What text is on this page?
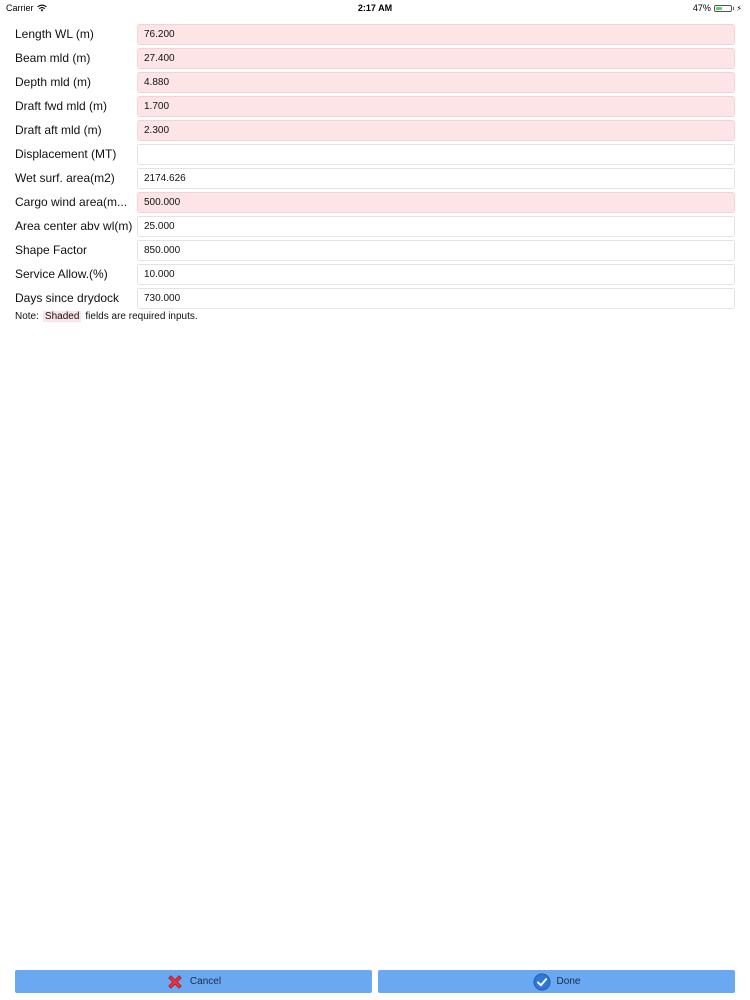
Carrier	2:17 AM	47%	⚡
Length WL (m)	76.200
Beam mld (m)	27.400
Depth mld (m)	4.880
Draft fwd mld (m)	1.700
Draft aft mld (m)	2.300
Displacement (MT)
Wet surf. area(m2)	2174.626
Cargo wind area(m...	500.000
Area center abv wl(m)	25.000
Shape Factor	850.000
Service Allow.(%)	10.000
Days since drydock	730.000
Note: Shaded fields are required inputs.
Cancel	Done
